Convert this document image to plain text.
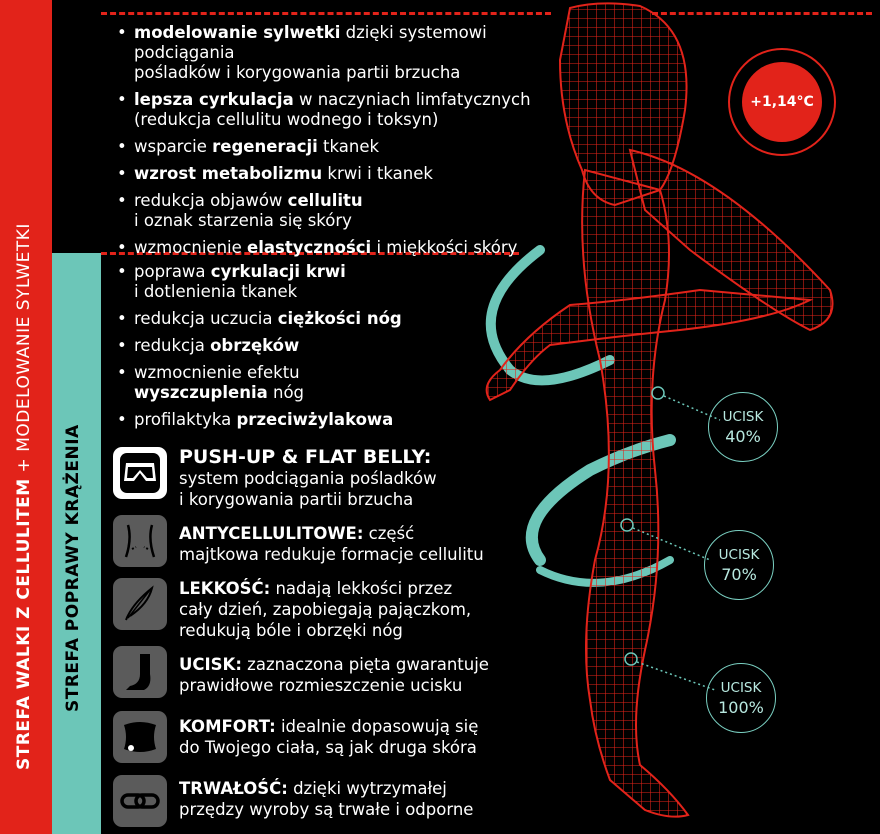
STREFA WALKI Z CELLULITEM + MODELOWANIE SYLWETKI
STREFA POPRAWY KRĄŻENIA
• modelowanie sylwetki dzięki systemowi podciągania
pośladków i korygowania partii brzucha
• lepsza cyrkulacja w naczyniach limfatycznych
(redukcja cellulitu wodnego i toksyn)
• wsparcie regeneracji tkanek
• wzrost metabolizmu krwi i tkanek
• redukcja objawów cellulitu
i oznak starzenia się skóry
• wzmocnienie elastyczności i miękkości skóry
• poprawa cyrkulacji krwi
i dotlenienia tkanek
• redukcja uczucia ciężkości nóg
• redukcja obrzęków
• wzmocnienie efektu
wyszczuplenia nóg
• profilaktyka przeciwżylakowa
PUSH-UP & FLAT BELLY:
system podciągania pośladków
i korygowania partii brzucha
ANTYCELLULITOWE: część
majtkowa redukuje formacje cellulitu
LEKKOŚĆ: nadają lekkości przez
cały dzień, zapobiegają pajączkom,
redukują bóle i obrzęki nóg
UCISK: zaznaczona pięta gwarantuje
prawidłowe rozmieszczenie ucisku
KOMFORT: idealnie dopasowują się
do Twojego ciała, są jak druga skóra
TRWAŁOŚĆ: dzięki wytrzymałej
przędzy wyroby są trwałe i odporne
+1,14°C
UCISK
40%
UCISK
70%
UCISK
100%
